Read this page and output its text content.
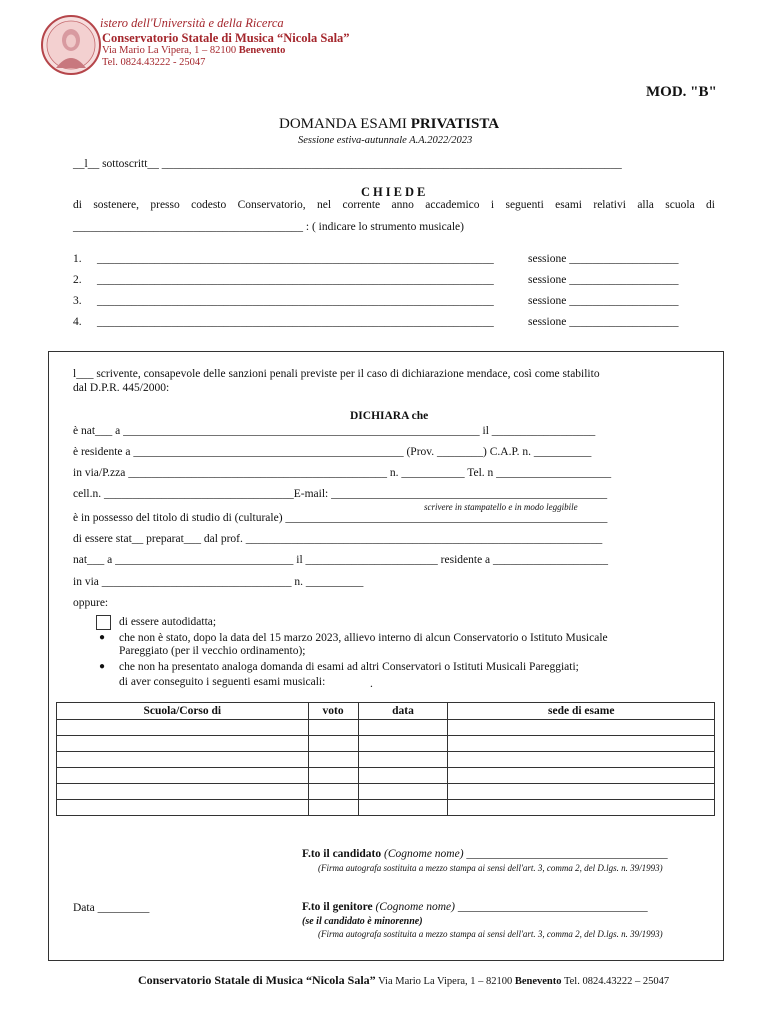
istero dell'Università e della Ricerca
Conservatorio Statale di Musica “Nicola Sala”
Via Mario La Vipera, 1 – 82100 Benevento
Tel. 0824.43222 - 25047
MOD. "B"
DOMANDA ESAMI PRIVATISTA
Sessione estiva-autunnale A.A.2022/2023
__l__ sottoscritt__ ________________________________________________________________________________
CHIEDE
di sostenere, presso codesto Conservatorio, nel corrente anno accademico i seguenti esami relativi alla scuola di
________________________________________ : ( indicare lo strumento musicale)
1. _____________________________________________________________________	sessione ___________________
2. _____________________________________________________________________	sessione ___________________
3. _____________________________________________________________________	sessione ___________________
4. _____________________________________________________________________	sessione ___________________
l___ scrivente, consapevole delle sanzioni penali previste per il caso di dichiarazione mendace, così come stabilito
dal D.P.R. 445/2000:
DICHIARA che
è nat___ a ______________________________________________________________ il __________________
è residente a _______________________________________________ (Prov. ________) C.A.P. n. __________
in via/P.zza _____________________________________________ n. ___________ Tel. n ____________________
cell.n. _________________________________E-mail: ________________________________________________
scrivere in stampatello e in modo leggibile
è in possesso del titolo di studio di (culturale) ________________________________________________________
di essere stat__ preparat___ dal prof. ______________________________________________________________
nat___ a _______________________________ il _______________________ residente a ____________________
in via _________________________________ n. __________
oppure:
di essere autodidatta;
● che non è stato, dopo la data del 15 marzo 2023, allievo interno di alcun Conservatorio o Istituto Musicale
Pareggiato (per il vecchio ordinamento);
● che non ha presentato analoga domanda di esami ad altri Conservatori o Istituti Musicali Pareggiati;
di aver conseguito i seguenti esami musicali:	.
Scuola/Corso di	voto	data	sede di esame

F.to il candidato (Cognome nome) ___________________________________
(Firma autografa sostituita a mezzo stampa ai sensi dell'art. 3, comma 2, del D.lgs. n. 39/1993)
Data _________	F.to il genitore (Cognome nome) _________________________________
(se il candidato è minorenne)
(Firma autografa sostituita a mezzo stampa ai sensi dell'art. 3, comma 2, del D.lgs. n. 39/1993)
Conservatorio Statale di Musica “Nicola Sala” Via Mario La Vipera, 1 – 82100 Benevento Tel. 0824.43222 – 25047
